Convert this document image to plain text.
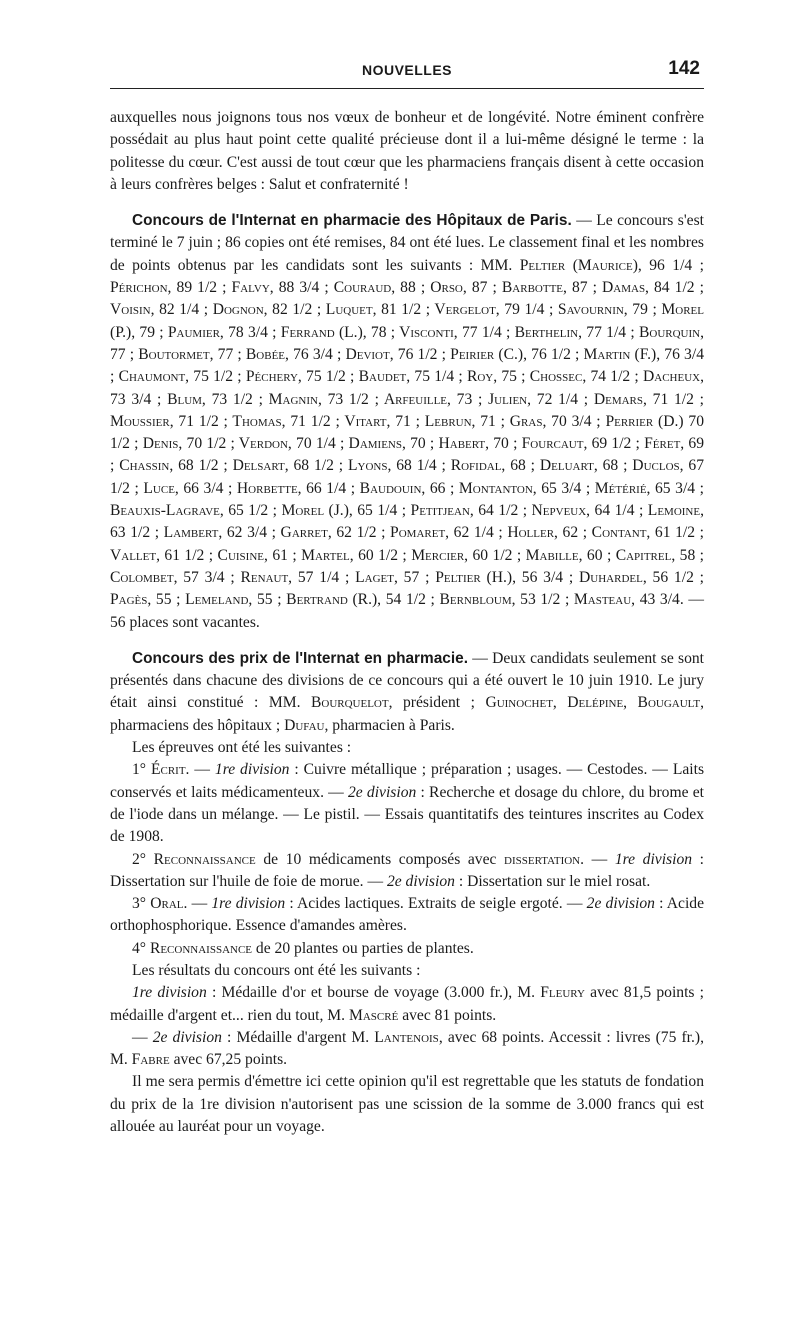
NOUVELLES	142

auxquelles nous joignons tous nos vœux de bonheur et de longévité. Notre éminent confrère possédait au plus haut point cette qualité précieuse dont il a lui-même désigné le terme : la politesse du cœur. C'est aussi de tout cœur que les pharmaciens français disent à cette occasion à leurs confrères belges : Salut et confraternité !

Concours de l'Internat en pharmacie des Hôpitaux de Paris. — Le concours s'est terminé le 7 juin ; 86 copies ont été remises, 84 ont été lues. Le classement final et les nombres de points obtenus par les candidats sont les suivants : MM. Peltier (Maurice), 96 1/4 ; Périchon, 89 1/2 ; Falvy, 88 3/4 ; Couraud, 88 ; Orso, 87 ; Barbotte, 87 ; Damas, 84 1/2 ; Voisin, 82 1/4 ; Dognon, 82 1/2 ; Luquet, 81 1/2 ; Vergelot, 79 1/4 ; Savournin, 79 ; Morel (P.), 79 ; Paumier, 78 3/4 ; Ferrand (L.), 78 ; Visconti, 77 1/4 ; Berthelin, 77 1/4 ; Bourquin, 77 ; Boutormet, 77 ; Bobée, 76 3/4 ; Deviot, 76 1/2 ; Peirier (C.), 76 1/2 ; Martin (F.), 76 3/4 ; Chaumont, 75 1/2 ; Péchery, 75 1/2 ; Baudet, 75 1/4 ; Roy, 75 ; Chossec, 74 1/2 ; Dacheux, 73 3/4 ; Blum, 73 1/2 ; Magnin, 73 1/2 ; Arfeuille, 73 ; Julien, 72 1/4 ; Demars, 71 1/2 ; Moussier, 71 1/2 ; Thomas, 71 1/2 ; Vitart, 71 ; Lebrun, 71 ; Gras, 70 3/4 ; Perrier (D.) 70 1/2 ; Denis, 70 1/2 ; Verdon, 70 1/4 ; Damiens, 70 ; Habert, 70 ; Fourcaut, 69 1/2 ; Féret, 69 ; Chassin, 68 1/2 ; Delsart, 68 1/2 ; Lyons, 68 1/4 ; Rofidal, 68 ; Deluart, 68 ; Duclos, 67 1/2 ; Luce, 66 3/4 ; Horbette, 66 1/4 ; Baudouin, 66 ; Montanton, 65 3/4 ; Métérié, 65 3/4 ; Beauxis-Lagrave, 65 1/2 ; Morel (J.), 65 1/4 ; Petitjean, 64 1/2 ; Nepveux, 64 1/4 ; Lemoine, 63 1/2 ; Lambert, 62 3/4 ; Garret, 62 1/2 ; Pomaret, 62 1/4 ; Holler, 62 ; Contant, 61 1/2 ; Vallet, 61 1/2 ; Cuisine, 61 ; Martel, 60 1/2 ; Mercier, 60 1/2 ; Mabille, 60 ; Capitrel, 58 ; Colombet, 57 3/4 ; Renaut, 57 1/4 ; Laget, 57 ; Peltier (H.), 56 3/4 ; Duhardel, 56 1/2 ; Pagès, 55 ; Lemeland, 55 ; Bertrand (R.), 54 1/2 ; Bernbloum, 53 1/2 ; Masteau, 43 3/4. — 56 places sont vacantes.

Concours des prix de l'Internat en pharmacie. — Deux candidats seulement se sont présentés dans chacune des divisions de ce concours qui a été ouvert le 10 juin 1910. Le jury était ainsi constitué : MM. Bourquelot, président ; Guinochet, Delépine, Bougault, pharmaciens des hôpitaux ; Dufau, pharmacien à Paris.

Les épreuves ont été les suivantes :

1° Écrit. — 1re division : Cuivre métallique ; préparation ; usages. — Cestodes. — Laits conservés et laits médicamenteux. — 2e division : Recherche et dosage du chlore, du brome et de l'iode dans un mélange. — Le pistil. — Essais quantitatifs des teintures inscrites au Codex de 1908.

2° Reconnaissance de 10 médicaments composés avec dissertation. — 1re division : Dissertation sur l'huile de foie de morue. — 2e division : Dissertation sur le miel rosat.

3° Oral. — 1re division : Acides lactiques. Extraits de seigle ergoté. — 2e division : Acide orthophosphorique. Essence d'amandes amères.

4° Reconnaissance de 20 plantes ou parties de plantes.

Les résultats du concours ont été les suivants :

1re division : Médaille d'or et bourse de voyage (3.000 fr.), M. Fleury avec 81,5 points ; médaille d'argent et... rien du tout, M. Mascré avec 81 points.

— 2e division : Médaille d'argent M. Lantenois, avec 68 points. Accessit : livres (75 fr.), M. Fabre avec 67,25 points.

Il me sera permis d'émettre ici cette opinion qu'il est regrettable que les statuts de fondation du prix de la 1re division n'autorisent pas une scission de la somme de 3.000 francs qui est allouée au lauréat pour un voyage.
